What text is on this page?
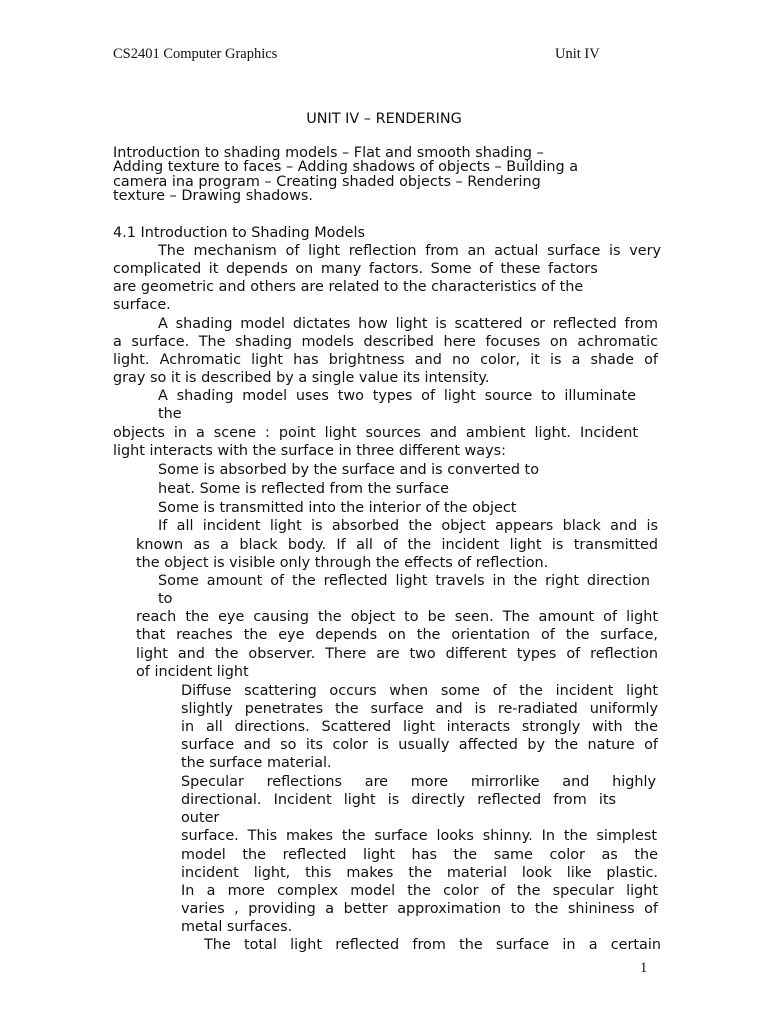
CS2401 Computer Graphics	Unit IV
UNIT IV – RENDERING
Introduction to shading models – Flat and smooth shading –
Adding texture to faces – Adding shadows of objects – Building a
camera ina program – Creating shaded objects – Rendering
texture – Drawing shadows.
4.1 Introduction to Shading Models
The mechanism of light reflection from an actual surface is very
complicated it depends on many factors. Some of these factors
are geometric and others are related to the characteristics of the
surface.
A shading model dictates how light is scattered or reflected from
a surface. The shading models described here focuses on achromatic
light. Achromatic light has brightness and no color, it is a shade of
gray so it is described by a single value its intensity.
A shading model uses two types of light source to illuminate
the
objects in a scene : point light sources and ambient light. Incident
light interacts with the surface in three different ways:
Some is absorbed by the surface and is converted to
heat. Some is reflected from the surface
Some is transmitted into the interior of the object
If all incident light is absorbed the object appears black and is
known as a black body. If all of the incident light is transmitted
the object is visible only through the effects of reflection.
Some amount of the reflected light travels in the right direction
to
reach the eye causing the object to be seen. The amount of light
that reaches the eye depends on the orientation of the surface,
light and the observer. There are two different types of reflection
of incident light
Diffuse scattering occurs when some of the incident light
slightly penetrates the surface and is re-radiated uniformly
in all directions. Scattered light interacts strongly with the
surface and so its color is usually affected by the nature of
the surface material.
Specular reflections are more mirrorlike and highly
directional. Incident light is directly reflected from its
outer
surface. This makes the surface looks shinny. In the simplest
model the reflected light has the same color as the
incident light, this makes the material look like plastic.
In a more complex model the color of the specular light
varies , providing a better approximation to the shininess of
metal surfaces.
The total light reflected from the surface in a certain
1
